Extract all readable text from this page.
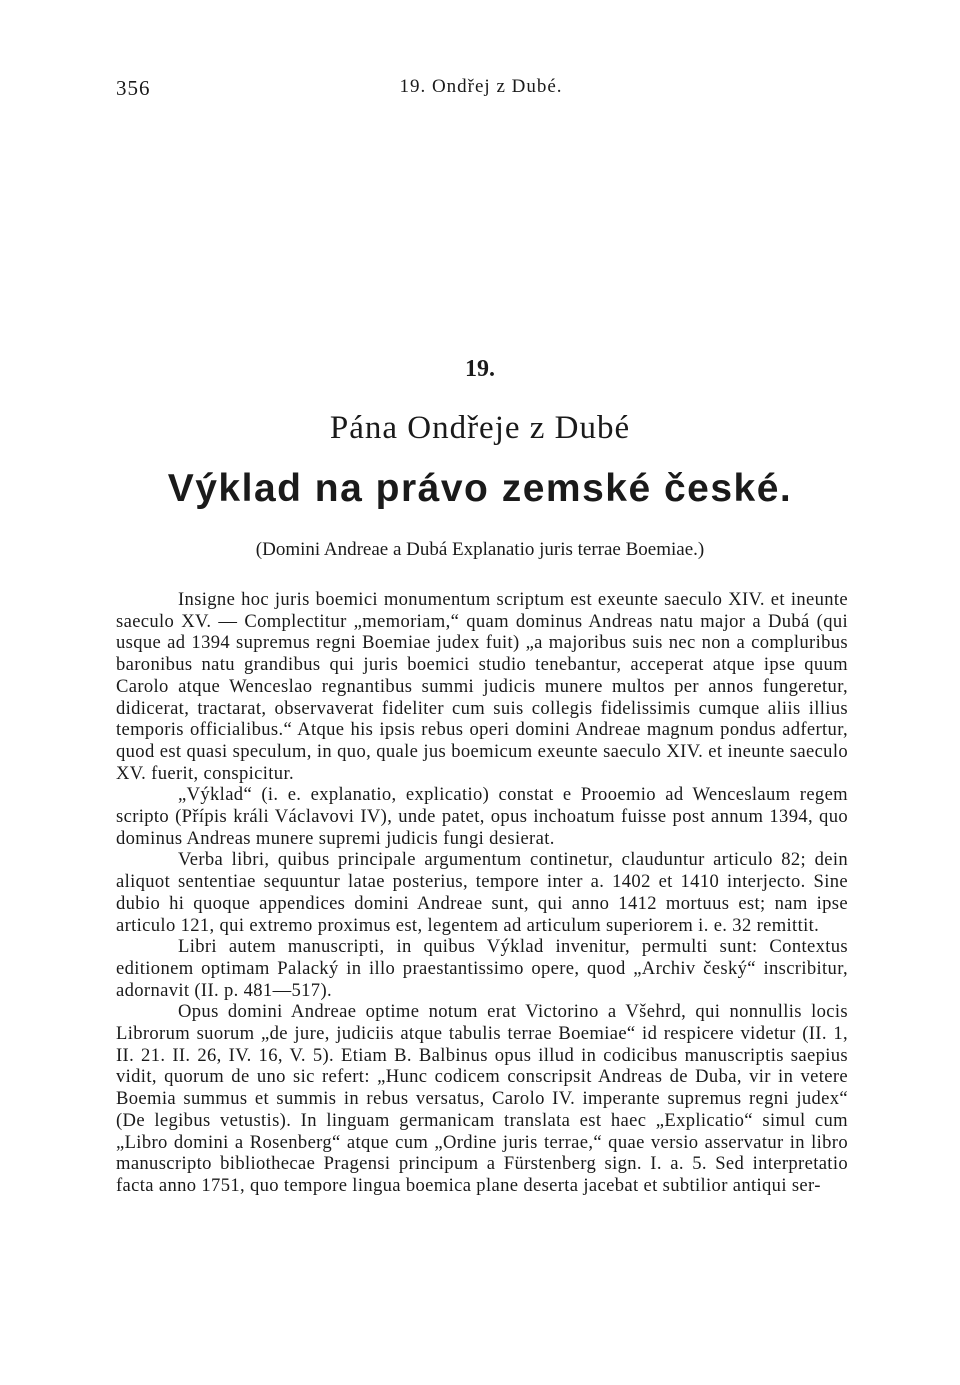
356	19. Ondřej z Dubé.
19.
Pána Ondřeje z Dubé
Výklad na právo zemské české.
(Domini Andreae a Dubá Explanatio juris terrae Boemiae.)

Insigne hoc juris boemici monumentum scriptum est exeunte saeculo XIV. et ineunte saeculo XV. — Complectitur „memoriam,“ quam dominus Andreas natu major a Dubá (qui usque ad 1394 supremus regni Boemiae judex fuit) „a majoribus suis nec non a compluribus baronibus natu grandibus qui juris boemici studio tenebantur, acceperat atque ipse quum Carolo atque Wenceslao regnantibus summi judicis munere multos per annos fungeretur, didicerat, tractarat, observaverat fideliter cum suis collegis fidelissimis cumque aliis illius temporis officialibus.“ Atque his ipsis rebus operi domini Andreae magnum pondus adfertur, quod est quasi speculum, in quo, quale jus boemicum exeunte saeculo XIV. et ineunte saeculo XV. fuerit, conspicitur.

„Výklad“ (i. e. explanatio, explicatio) constat e Prooemio ad Wenceslaum regem scripto (Přípis králi Václavovi IV), unde patet, opus inchoatum fuisse post annum 1394, quo dominus Andreas munere supremi judicis fungi desierat.

Verba libri, quibus principale argumentum continetur, clauduntur articulo 82; dein aliquot sententiae sequuntur latae posterius, tempore inter a. 1402 et 1410 interjecto. Sine dubio hi quoque appendices domini Andreae sunt, qui anno 1412 mortuus est; nam ipse articulo 121, qui extremo proximus est, legentem ad articulum superiorem i. e. 32 remittit.

Libri autem manuscripti, in quibus Výklad invenitur, permulti sunt: Contextus editionem optimam Palacký in illo praestantissimo opere, quod „Archiv český“ inscribitur, adornavit (II. p. 481—517).

Opus domini Andreae optime notum erat Victorino a Všehrd, qui nonnullis locis Librorum suorum „de jure, judiciis atque tabulis terrae Boemiae“ id respicere videtur (II. 1, II. 21. II. 26, IV. 16, V. 5). Etiam B. Balbinus opus illud in codicibus manuscriptis saepius vidit, quorum de uno sic refert: „Hunc codicem conscripsit Andreas de Duba, vir in vetere Boemia summus et summis in rebus versatus, Carolo IV. imperante supremus regni judex“ (De legibus vetustis). In linguam germanicam translata est haec „Explicatio“ simul cum „Libro domini a Rosenberg“ atque cum „Ordine juris terrae,“ quae versio asservatur in libro manuscripto bibliothecae Pragensi principum a Fürstenberg sign. I. a. 5. Sed interpretatio facta anno 1751, quo tempore lingua boemica plane deserta jacebat et subtilior antiqui ser-
